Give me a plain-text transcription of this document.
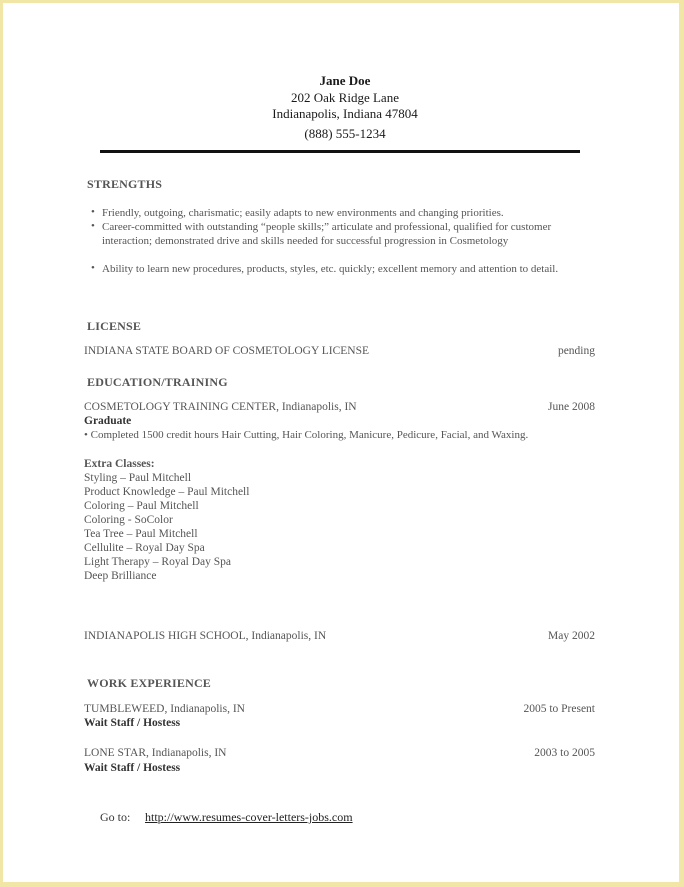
Jane Doe
202 Oak Ridge Lane
Indianapolis, Indiana 47804
(888) 555-1234
STRENGTHS
• Friendly, outgoing, charismatic; easily adapts to new environments and changing priorities.
• Career-committed with outstanding “people skills;” articulate and professional, qualified for customer interaction; demonstrated drive and skills needed for successful progression in Cosmetology
• Ability to learn new procedures, products, styles, etc. quickly; excellent memory and attention to detail.
LICENSE
INDIANA STATE BOARD OF COSMETOLOGY LICENSE	pending
EDUCATION/TRAINING
COSMETOLOGY TRAINING CENTER, Indianapolis, IN	June 2008
Graduate
• Completed 1500 credit hours Hair Cutting, Hair Coloring, Manicure, Pedicure, Facial, and Waxing.
Extra Classes:
Styling – Paul Mitchell
Product Knowledge – Paul Mitchell
Coloring – Paul Mitchell
Coloring - SoColor
Tea Tree – Paul Mitchell
Cellulite – Royal Day Spa
Light Therapy – Royal Day Spa
Deep Brilliance
INDIANAPOLIS HIGH SCHOOL, Indianapolis, IN	May 2002
WORK EXPERIENCE
TUMBLEWEED, Indianapolis, IN	2005 to Present
Wait Staff / Hostess
LONE STAR, Indianapolis, IN	2003 to 2005
Wait Staff / Hostess
Go to: http://www.resumes-cover-letters-jobs.com
